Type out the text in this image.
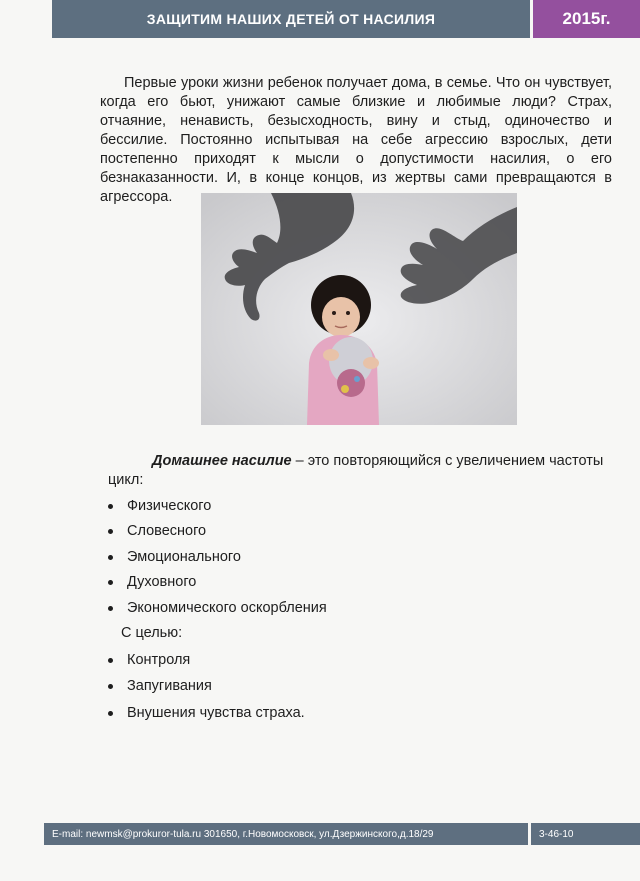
ЗАЩИТИМ НАШИХ ДЕТЕЙ ОТ НАСИЛИЯ	2015г.

Первые уроки жизни ребенок получает дома, в семье. Что он чувствует, когда его бьют, унижают самые близкие и любимые люди? Страх, отчаяние, ненависть, безысходность, вину и стыд, одиночество и бессилие. Постоянно испытывая на себе агрессию взрослых, дети постепенно приходят к мысли о допустимости насилия, о его безнаказанности. И, в конце концов, из жертвы сами превращаются в агрессора.

Домашнее насилие – это повторяющийся с увеличением частоты цикл:

Физического
Словесного
Эмоционального
Духовного
Экономического оскорбления
С целью:
Контроля
Запугивания
Внушения чувства страха.
E-mail: newmsk@prokuror-tula.ru 301650, г.Новомосковск, ул.Дзержинского,д.18/29	3-46-10
